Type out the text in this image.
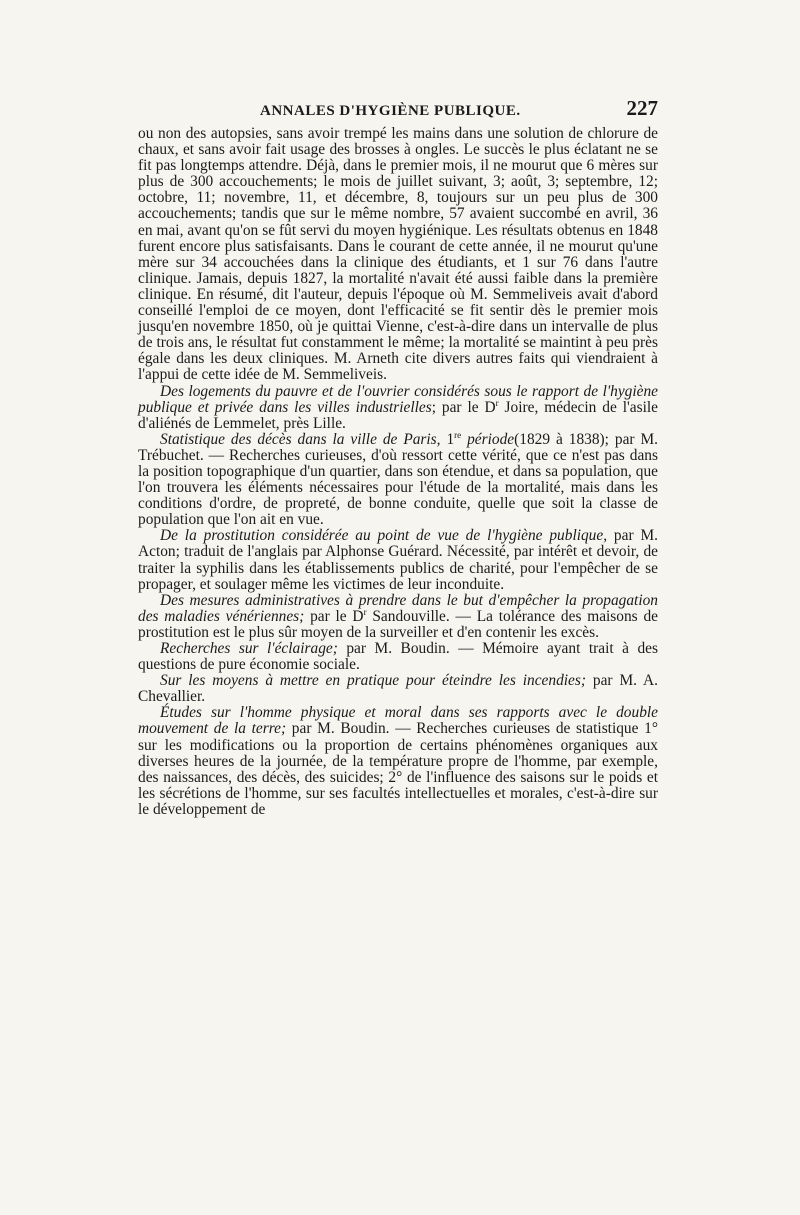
ANNALES D'HYGIÈNE PUBLIQUE.	227

ou non des autopsies, sans avoir trempé les mains dans une solution de chlorure de chaux, et sans avoir fait usage des brosses à ongles. Le succès le plus éclatant ne se fit pas longtemps attendre. Déjà, dans le premier mois, il ne mourut que 6 mères sur plus de 300 accouchements; le mois de juillet suivant, 3; août, 3; septembre, 12; octobre, 11; novembre, 11, et décembre, 8, toujours sur un peu plus de 300 accouchements; tandis que sur le même nombre, 57 avaient succombé en avril, 36 en mai, avant qu'on se fût servi du moyen hygiénique. Les résultats obtenus en 1848 furent encore plus satisfaisants. Dans le courant de cette année, il ne mourut qu'une mère sur 34 accouchées dans la clinique des étudiants, et 1 sur 76 dans l'autre clinique. Jamais, depuis 1827, la mortalité n'avait été aussi faible dans la première clinique. En résumé, dit l'auteur, depuis l'époque où M. Semmeliveis avait d'abord conseillé l'emploi de ce moyen, dont l'efficacité se fit sentir dès le premier mois jusqu'en novembre 1850, où je quittai Vienne, c'est-à-dire dans un intervalle de plus de trois ans, le résultat fut constamment le même; la mortalité se maintint à peu près égale dans les deux cliniques. M. Arneth cite divers autres faits qui viendraient à l'appui de cette idée de M. Semmeliveis.

Des logements du pauvre et de l'ouvrier considérés sous le rapport de l'hygiène publique et privée dans les villes industrielles; par le $D^r$ Joire, médecin de l'asile d'aliénés de Lemmelet, près Lille.

Statistique des décès dans la ville de Paris, 1re période(1829 à 1838); par M. Trébuchet. — Recherches curieuses, d'où ressort cette vérité, que ce n'est pas dans la position topographique d'un quartier, dans son étendue, et dans sa population, que l'on trouvera les éléments nécessaires pour l'étude de la mortalité, mais dans les conditions d'ordre, de propreté, de bonne conduite, quelle que soit la classe de population que l'on ait en vue.

De la prostitution considérée au point de vue de l'hygiène publique, par M. Acton; traduit de l'anglais par Alphonse Guérard. Nécessité, par intérêt et devoir, de traiter la syphilis dans les établissements publics de charité, pour l'empêcher de se propager, et soulager même les victimes de leur inconduite.

Des mesures administratives à prendre dans le but d'empêcher la propagation des maladies vénériennes; par le $D^r$ Sandouville. — La tolérance des maisons de prostitution est le plus sûr moyen de la surveiller et d'en contenir les excès.

Recherches sur l'éclairage; par M. Boudin. — Mémoire ayant trait à des questions de pure économie sociale.

Sur les moyens à mettre en pratique pour éteindre les incendies; par M. A. Chevallier.

Études sur l'homme physique et moral dans ses rapports avec le double mouvement de la terre; par M. Boudin. — Recherches curieuses de statistique 1° sur les modifications ou la proportion de certains phénomènes organiques aux diverses heures de la journée, de la température propre de l'homme, par exemple, des naissances, des décès, des suicides; 2° de l'influence des saisons sur le poids et les sécrétions de l'homme, sur ses facultés intellectuelles et morales, c'est-à-dire sur le développement de
